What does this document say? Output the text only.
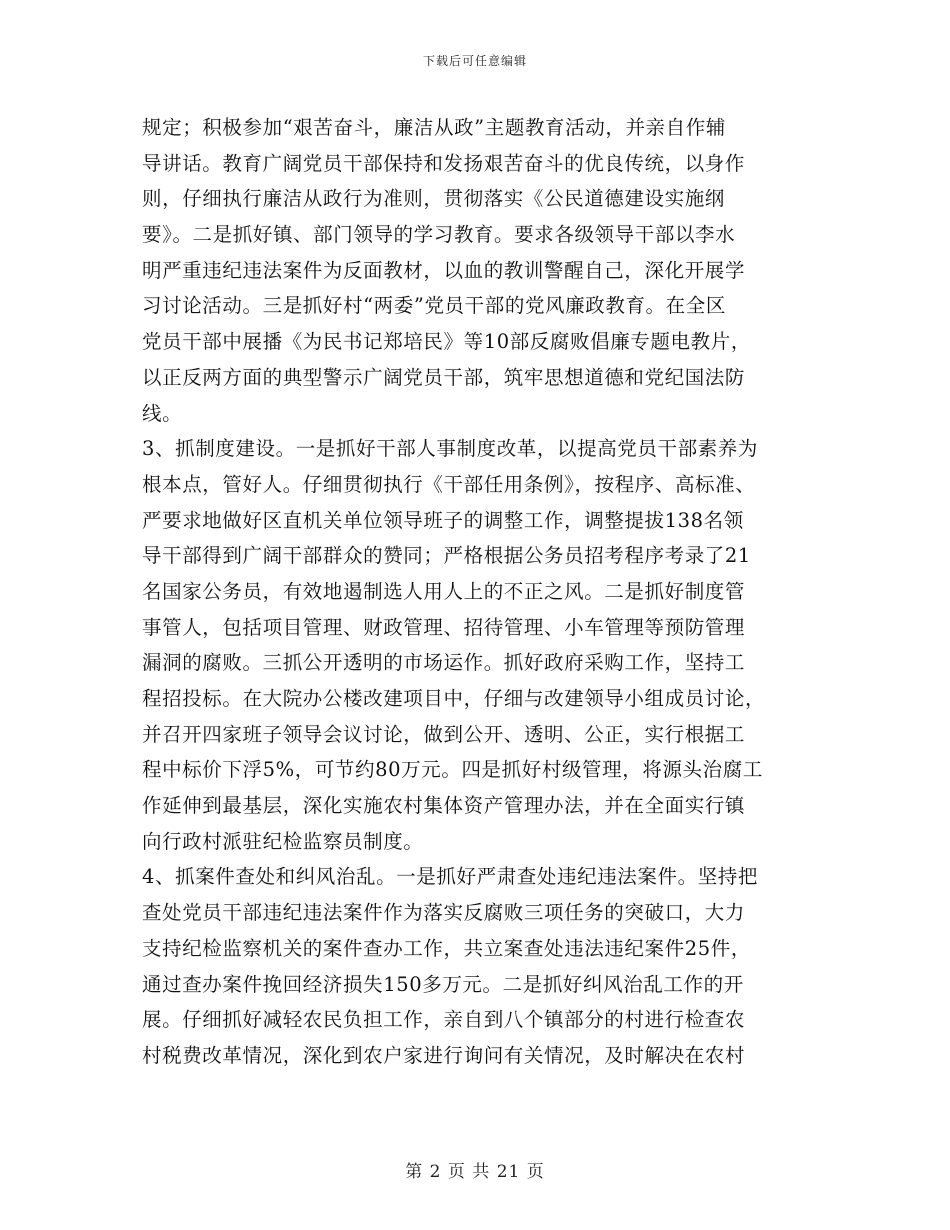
下载后可任意编辑
规定；积极参加“艰苦奋斗，廉洁从政”主题教育活动，并亲自作辅
导讲话。教育广阔党员干部保持和发扬艰苦奋斗的优良传统，以身作
则，仔细执行廉洁从政行为准则，贯彻落实《公民道德建设实施纲
要》。二是抓好镇、部门领导的学习教育。要求各级领导干部以李水
明严重违纪违法案件为反面教材，以血的教训警醒自己，深化开展学
习讨论活动。三是抓好村“两委”党员干部的党风廉政教育。在全区
党员干部中展播《为民书记郑培民》等10部反腐败倡廉专题电教片，
以正反两方面的典型警示广阔党员干部，筑牢思想道德和党纪国法防
线。
3、抓制度建设。一是抓好干部人事制度改革，以提高党员干部素养为
根本点，管好人。仔细贯彻执行《干部任用条例》，按程序、高标准、
严要求地做好区直机关单位领导班子的调整工作，调整提拔138名领
导干部得到广阔干部群众的赞同；严格根据公务员招考程序考录了21
名国家公务员，有效地遏制选人用人上的不正之风。二是抓好制度管
事管人，包括项目管理、财政管理、招待管理、小车管理等预防管理
漏洞的腐败。三抓公开透明的市场运作。抓好政府采购工作，坚持工
程招投标。在大院办公楼改建项目中，仔细与改建领导小组成员讨论，
并召开四家班子领导会议讨论，做到公开、透明、公正，实行根据工
程中标价下浮5%，可节约80万元。四是抓好村级管理，将源头治腐工
作延伸到最基层，深化实施农村集体资产管理办法，并在全面实行镇
向行政村派驻纪检监察员制度。
4、抓案件查处和纠风治乱。一是抓好严肃查处违纪违法案件。坚持把
查处党员干部违纪违法案件作为落实反腐败三项任务的突破口，大力
支持纪检监察机关的案件查办工作，共立案查处违法违纪案件25件，
通过查办案件挽回经济损失150多万元。二是抓好纠风治乱工作的开
展。仔细抓好减轻农民负担工作，亲自到八个镇部分的村进行检查农
村税费改革情况，深化到农户家进行询问有关情况，及时解决在农村
第 2 页 共 21 页
